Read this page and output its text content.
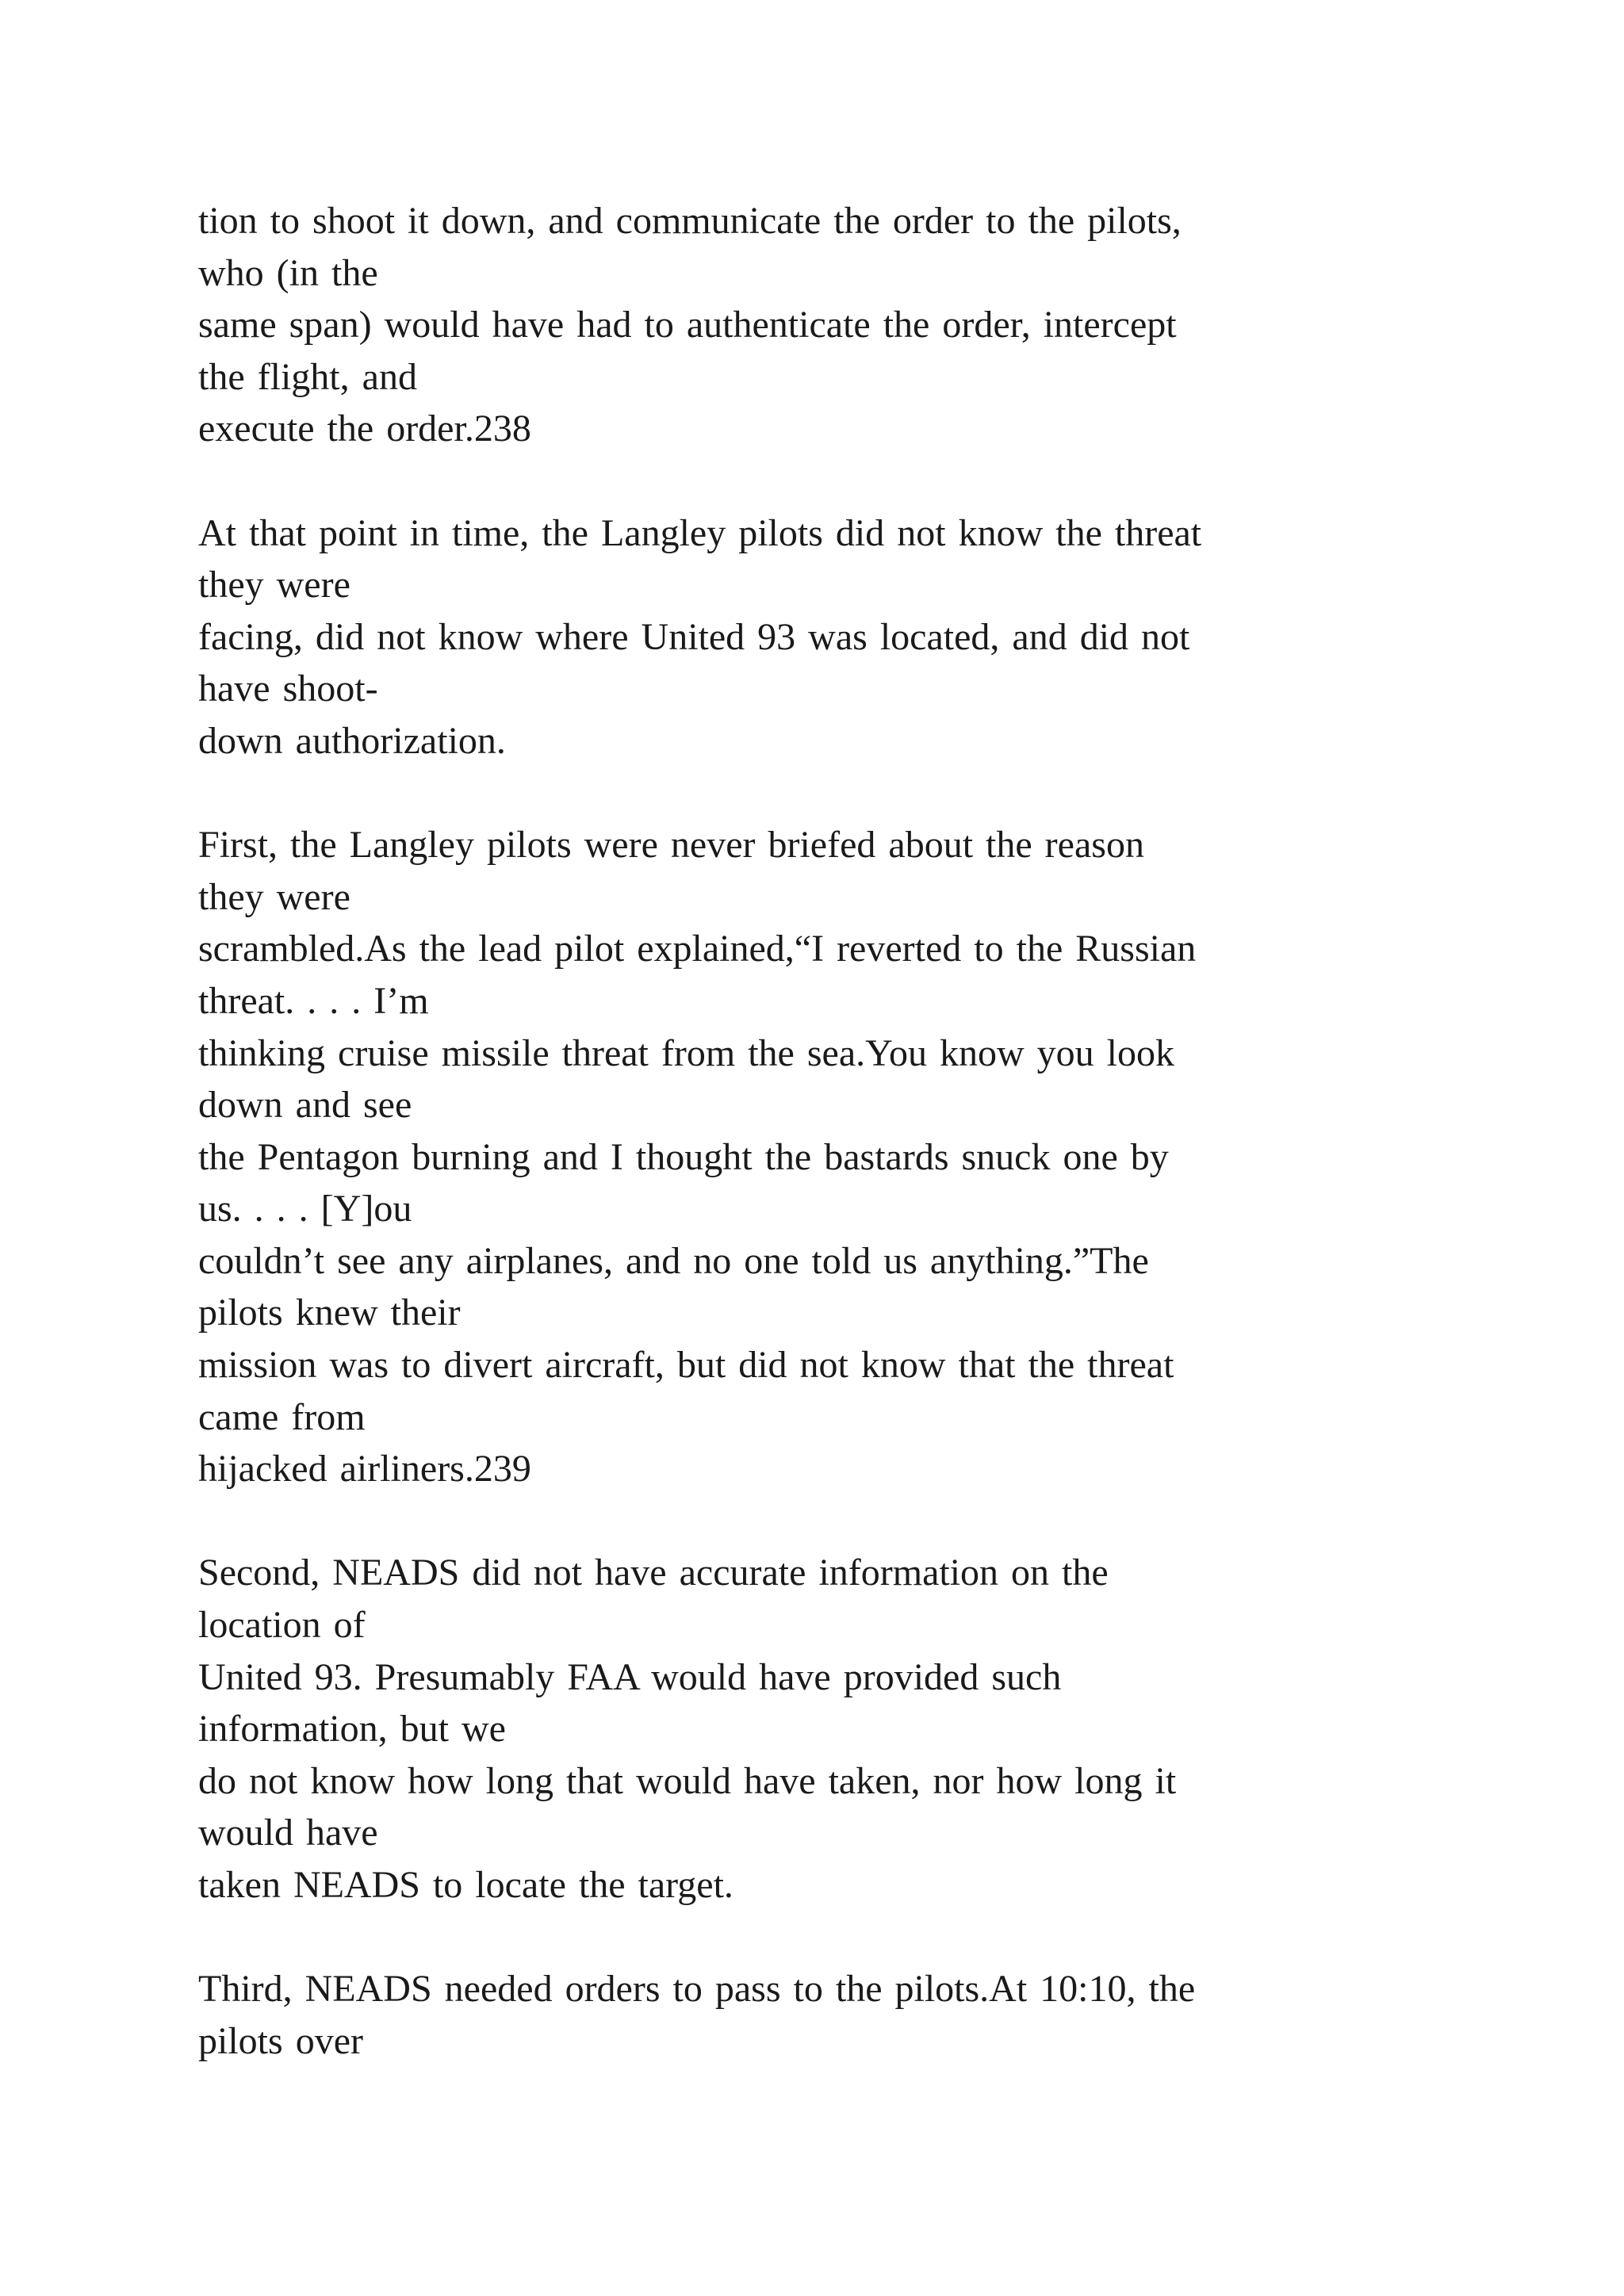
tion to shoot it down, and communicate the order to the pilots,
who (in the
same span) would have had to authenticate the order, intercept
the flight, and
execute the order.238
At that point in time, the Langley pilots did not know the threat
they were
facing, did not know where United 93 was located, and did not
have shoot-
down authorization.
First, the Langley pilots were never briefed about the reason
they were
scrambled.As the lead pilot explained,“I reverted to the Russian
threat. . . . I’m
thinking cruise missile threat from the sea.You know you look
down and see
the Pentagon burning and I thought the bastards snuck one by
us. . . . [Y]ou
couldn’t see any airplanes, and no one told us anything.”The
pilots knew their
mission was to divert aircraft, but did not know that the threat
came from
hijacked airliners.239
Second, NEADS did not have accurate information on the
location of
United 93. Presumably FAA would have provided such
information, but we
do not know how long that would have taken, nor how long it
would have
taken NEADS to locate the target.
Third, NEADS needed orders to pass to the pilots.At 10:10, the
pilots over
